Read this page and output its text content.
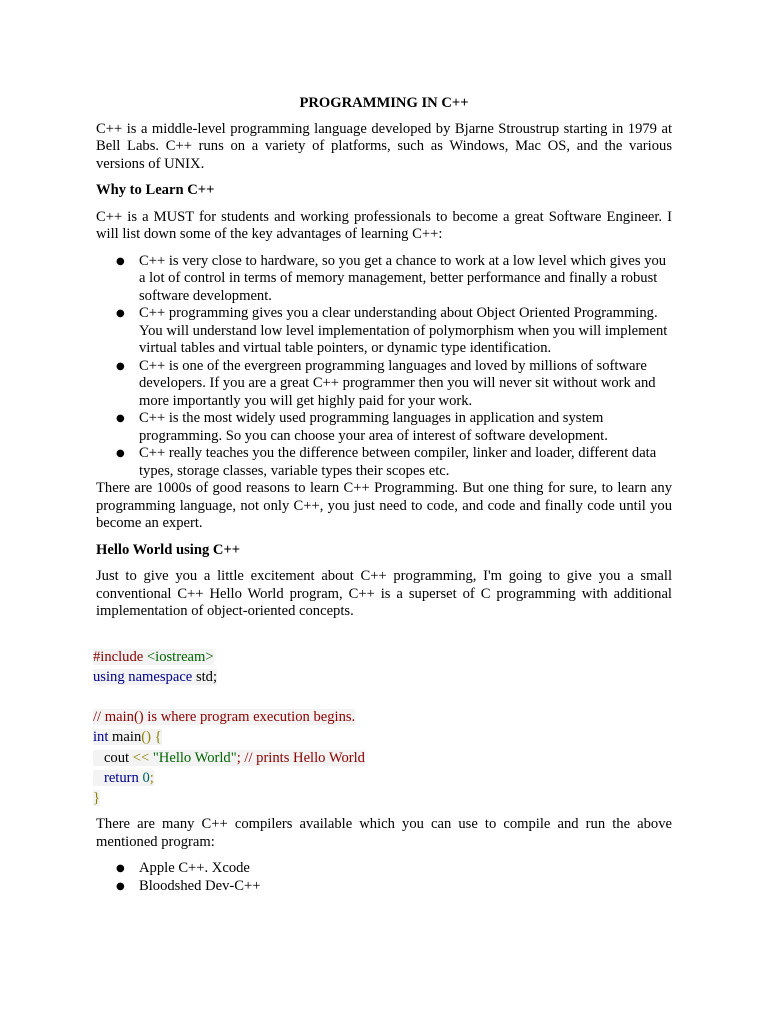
PROGRAMMING IN C++

C++ is a middle-level programming language developed by Bjarne Stroustrup starting in 1979 at Bell Labs. C++ runs on a variety of platforms, such as Windows, Mac OS, and the various versions of UNIX.

Why to Learn C++

C++ is a MUST for students and working professionals to become a great Software Engineer. I will list down some of the key advantages of learning C++:

● C++ is very close to hardware, so you get a chance to work at a low level which gives you a lot of control in terms of memory management, better performance and finally a robust software development.
● C++ programming gives you a clear understanding about Object Oriented Programming. You will understand low level implementation of polymorphism when you will implement virtual tables and virtual table pointers, or dynamic type identification.
● C++ is one of the evergreen programming languages and loved by millions of software developers. If you are a great C++ programmer then you will never sit without work and more importantly you will get highly paid for your work.
● C++ is the most widely used programming languages in application and system programming. So you can choose your area of interest of software development.
● C++ really teaches you the difference between compiler, linker and loader, different data types, storage classes, variable types their scopes etc.

There are 1000s of good reasons to learn C++ Programming. But one thing for sure, to learn any programming language, not only C++, you just need to code, and code and finally code until you become an expert.

Hello World using C++

Just to give you a little excitement about C++ programming, I'm going to give you a small conventional C++ Hello World program, C++ is a superset of C programming with additional implementation of object-oriented concepts.

#include <iostream>
using namespace std;
// main() is where program execution begins.
int main() {
cout << "Hello World"; // prints Hello World
return 0;
}

There are many C++ compilers available which you can use to compile and run the above mentioned program:

● Apple C++. Xcode
● Bloodshed Dev-C++
